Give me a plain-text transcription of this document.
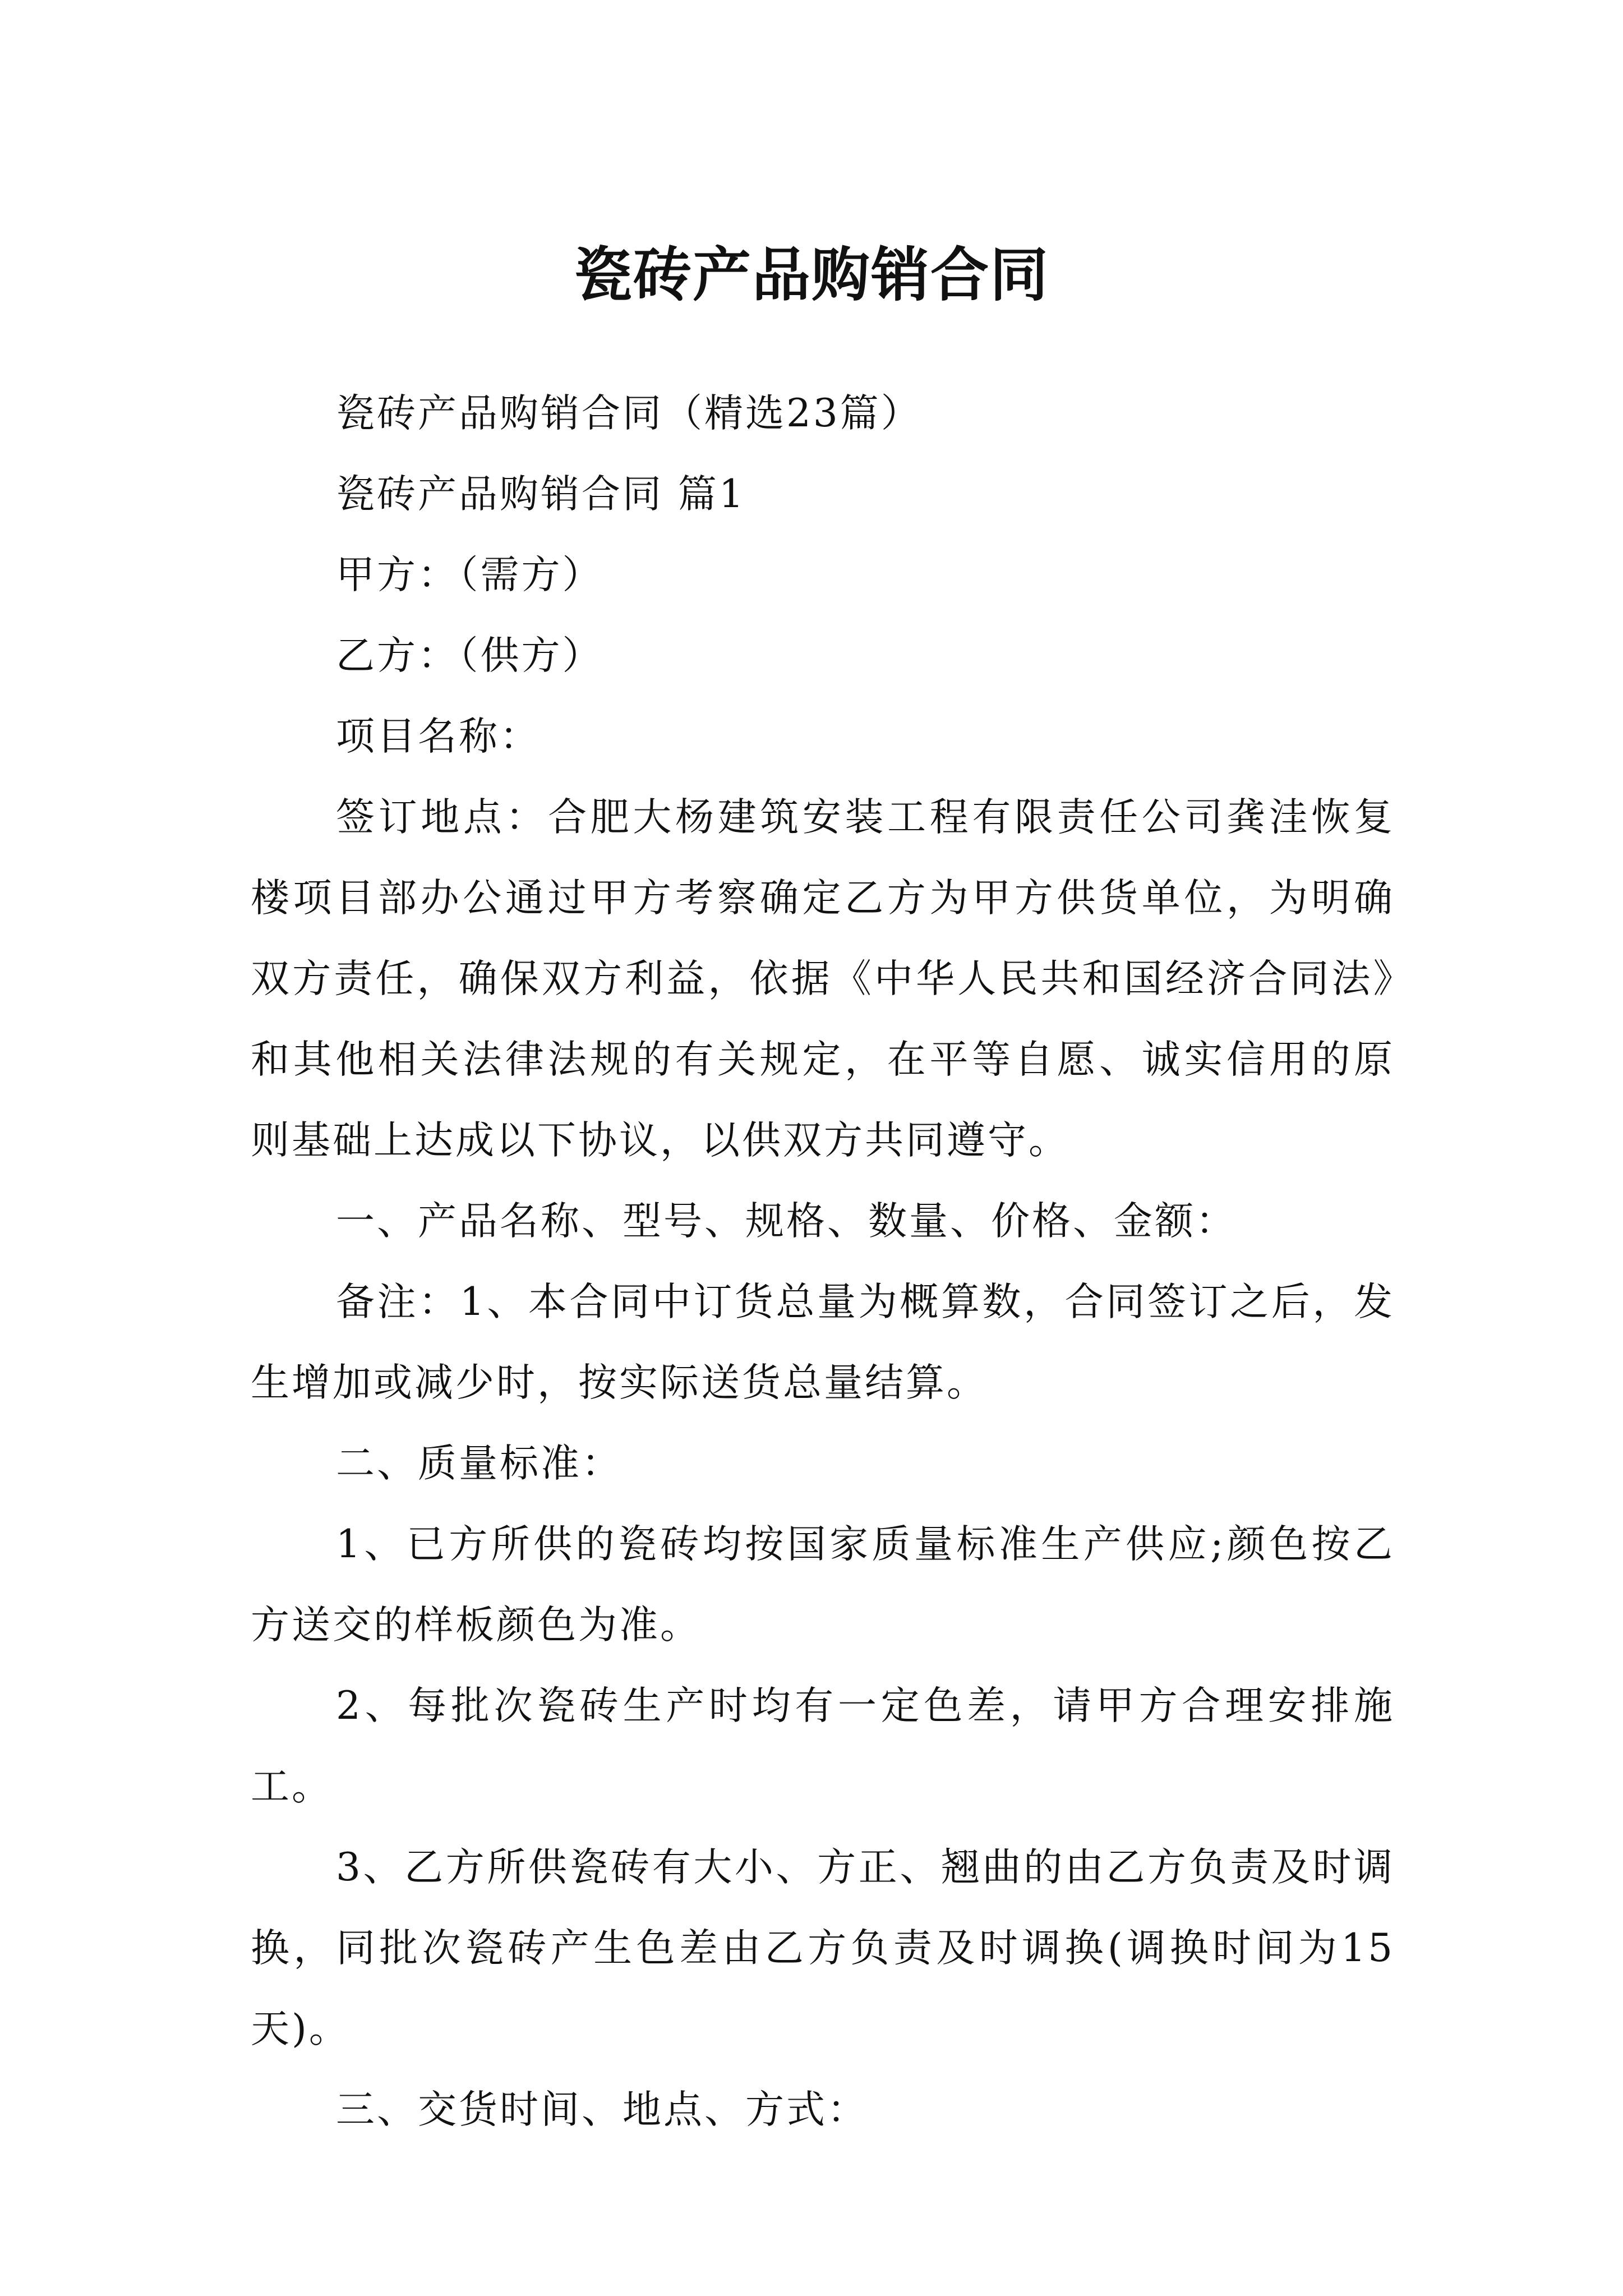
瓷砖产品购销合同

瓷砖产品购销合同（精选23篇）

瓷砖产品购销合同 篇1

甲方：（需方）

乙方：（供方）

项目名称：

签订地点：合肥大杨建筑安装工程有限责任公司龚洼恢复楼项目部办公通过甲方考察确定乙方为甲方供货单位，为明确双方责任，确保双方利益，依据《中华人民共和国经济合同法》和其他相关法律法规的有关规定，在平等自愿、诚实信用的原则基础上达成以下协议，以供双方共同遵守。

一、产品名称、型号、规格、数量、价格、金额：

备注：1、本合同中订货总量为概算数，合同签订之后，发生增加或减少时，按实际送货总量结算。

二、质量标准：

1、已方所供的瓷砖均按国家质量标准生产供应;颜色按乙方送交的样板颜色为准。

2、每批次瓷砖生产时均有一定色差，请甲方合理安排施工。

3、乙方所供瓷砖有大小、方正、翘曲的由乙方负责及时调换，同批次瓷砖产生色差由乙方负责及时调换(调换时间为15天)。

三、交货时间、地点、方式：
